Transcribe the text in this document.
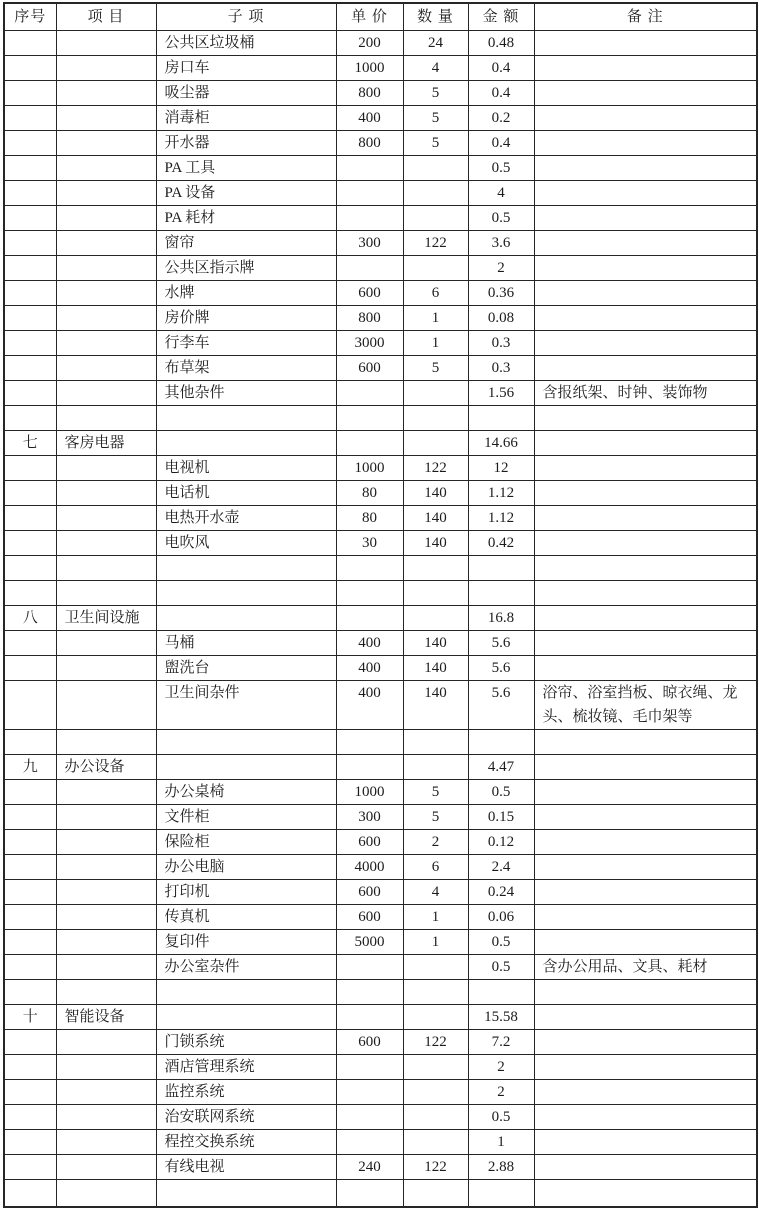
序号	项 目	子 项	单 价	数 量	金 额	备 注
		公共区垃圾桶	200	24	0.48	
		房口车	1000	4	0.4	
		吸尘器	800	5	0.4	
		消毒柜	400	5	0.2	
		开水器	800	5	0.4	
		PA 工具			0.5	
		PA 设备			4	
		PA 耗材			0.5	
		窗帘	300	122	3.6	
		公共区指示牌			2	
		水牌	600	6	0.36	
		房价牌	800	1	0.08	
		行李车	3000	1	0.3	
		布草架	600	5	0.3	
		其他杂件			1.56	含报纸架、时钟、装饰物

七	客房电器				14.66	
		电视机	1000	122	12	
		电话机	80	140	1.12	
		电热开水壶	80	140	1.12	
		电吹风	30	140	0.42	

八	卫生间设施				16.8	
		马桶	400	140	5.6	
		盥洗台	400	140	5.6	
		卫生间杂件	400	140	5.6	浴帘、浴室挡板、晾衣绳、龙头、梳妆镜、毛巾架等

九	办公设备				4.47	
		办公桌椅	1000	5	0.5	
		文件柜	300	5	0.15	
		保险柜	600	2	0.12	
		办公电脑	4000	6	2.4	
		打印机	600	4	0.24	
		传真机	600	1	0.06	
		复印件	5000	1	0.5	
		办公室杂件			0.5	含办公用品、文具、耗材

十	智能设备				15.58	
		门锁系统	600	122	7.2	
		酒店管理系统			2	
		监控系统			2	
		治安联网系统			0.5	
		程控交换系统			1	
		有线电视	240	122	2.88	
